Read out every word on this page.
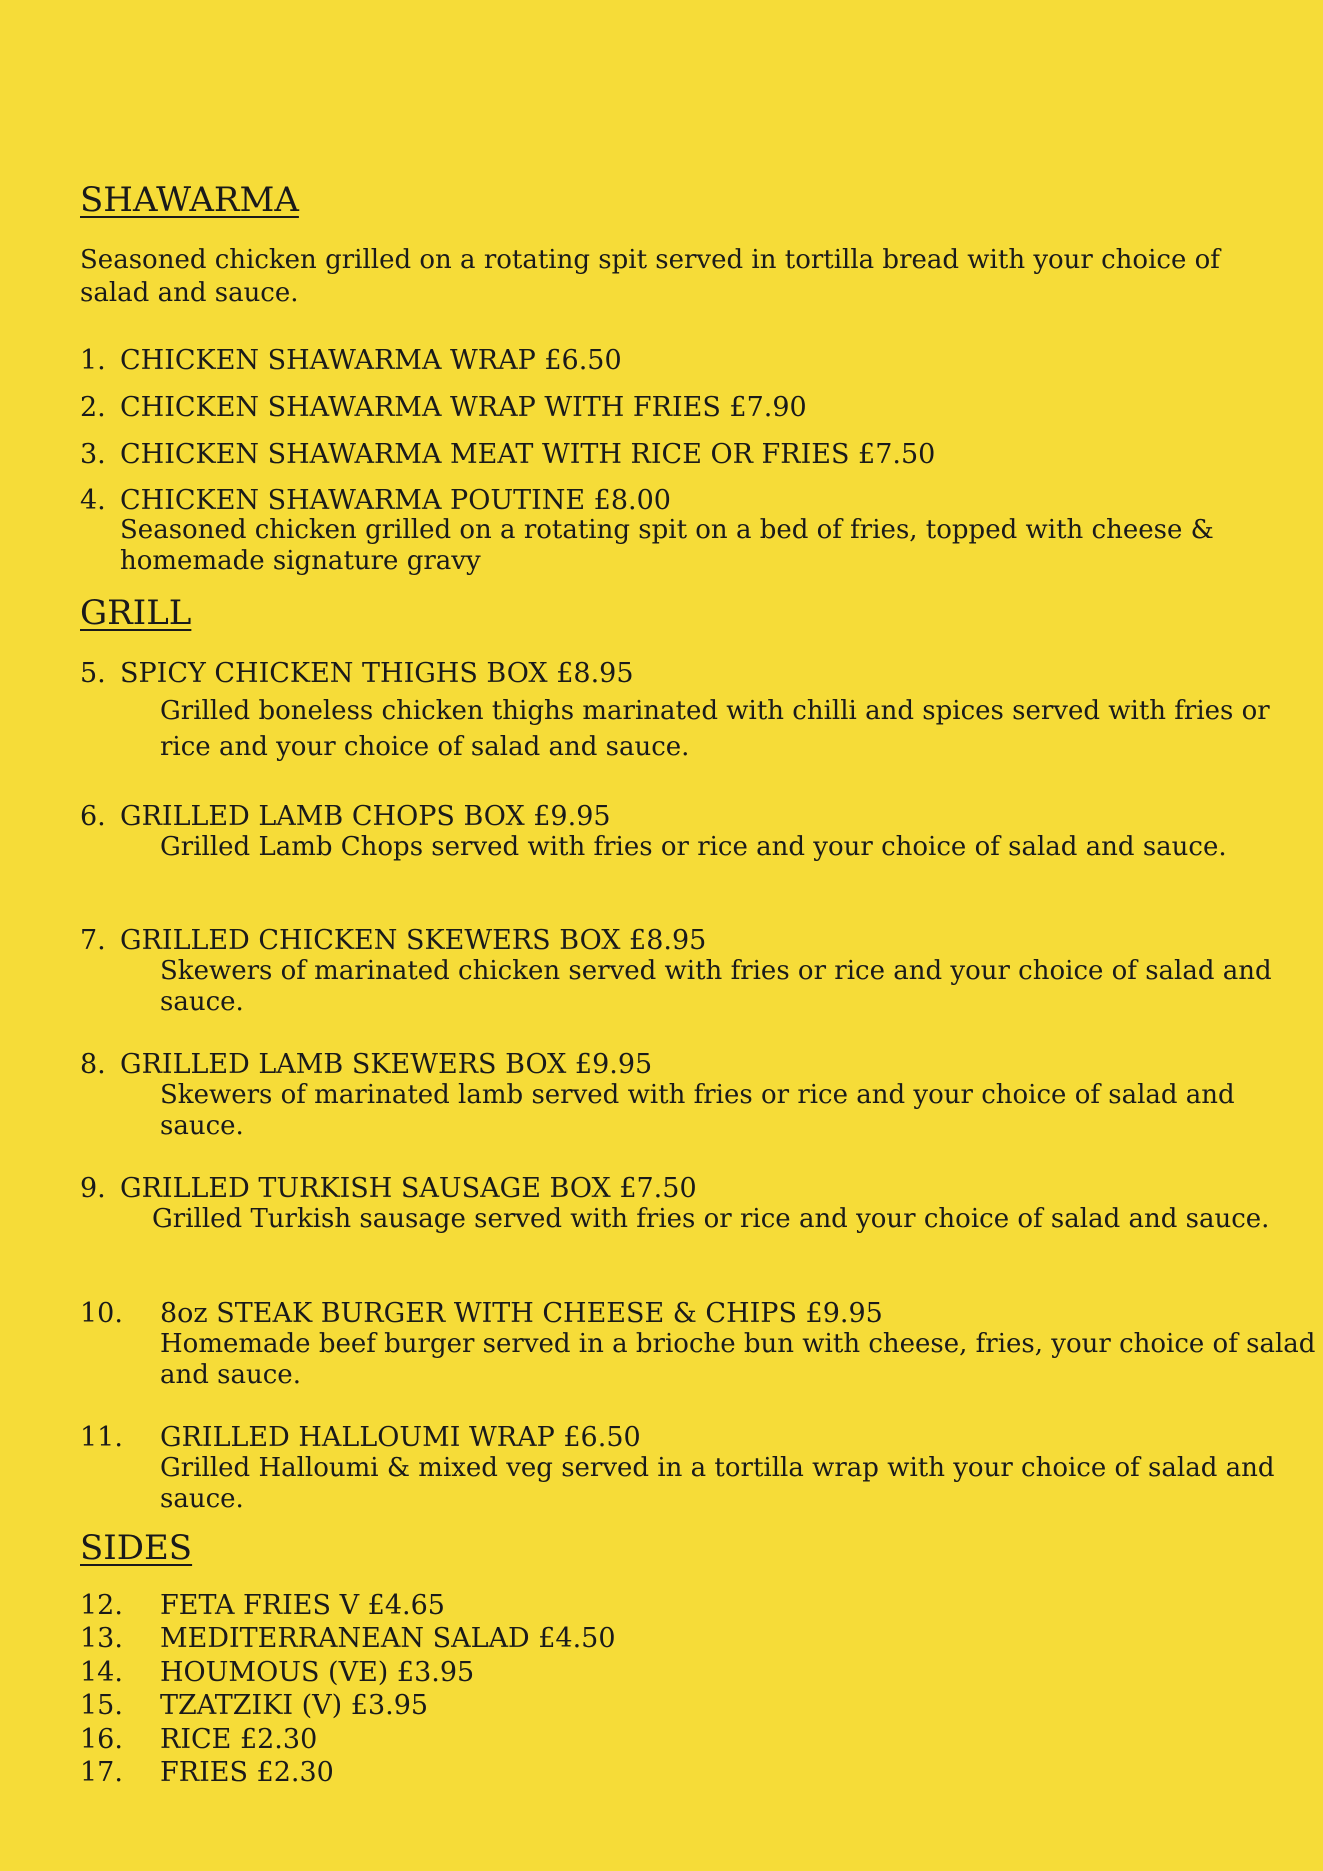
SHAWARMA

Seasoned chicken grilled on a rotating spit served in tortilla bread with your choice of salad and sauce.

1. CHICKEN SHAWARMA WRAP £6.50
2. CHICKEN SHAWARMA WRAP WITH FRIES £7.90
3. CHICKEN SHAWARMA MEAT WITH RICE OR FRIES £7.50
4. CHICKEN SHAWARMA POUTINE £8.00

Seasoned chicken grilled on a rotating spit on a bed of fries, topped with cheese & homemade signature gravy

GRILL
5. SPICY CHICKEN THIGHS BOX £8.95

Grilled boneless chicken thighs marinated with chilli and spices served with fries or rice and your choice of salad and sauce.

6. GRILLED LAMB CHOPS BOX £9.95

Grilled Lamb Chops served with fries or rice and your choice of salad and sauce.

7. GRILLED CHICKEN SKEWERS BOX £8.95

Skewers of marinated chicken served with fries or rice and your choice of salad and sauce.

8. GRILLED LAMB SKEWERS BOX £9.95

Skewers of marinated lamb served with fries or rice and your choice of salad and sauce.

9. GRILLED TURKISH SAUSAGE BOX £7.50

Grilled Turkish sausage served with fries or rice and your choice of salad and sauce.

10. 8oz STEAK BURGER WITH CHEESE & CHIPS £9.95

Homemade beef burger served in a brioche bun with cheese, fries, your choice of salad and sauce.

11. GRILLED HALLOUMI WRAP £6.50

Grilled Halloumi & mixed veg served in a tortilla wrap with your choice of salad and sauce.

SIDES
12. FETA FRIES V £4.65
13. MEDITERRANEAN SALAD £4.50
14. HOUMOUS (VE) £3.95
15. TZATZIKI (V) £3.95
16. RICE £2.30
17. FRIES £2.30
